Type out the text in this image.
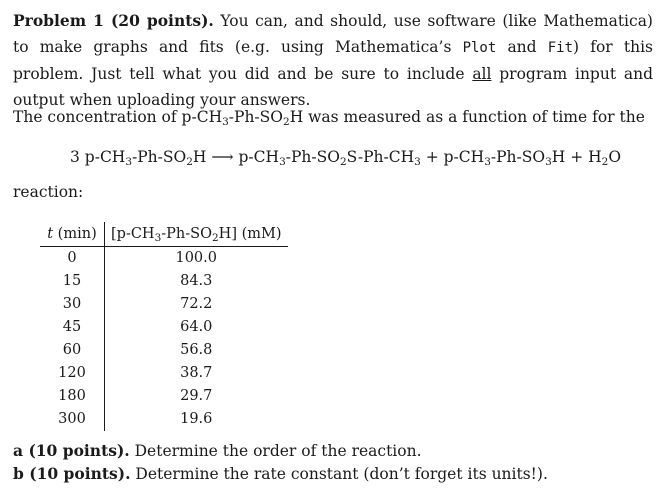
Problem 1 (20 points). You can, and should, use software (like Mathematica) to make graphs and fits (e.g. using Mathematica’s Plot and Fit) for this problem. Just tell what you did and be sure to include all program input and output when uploading your answers.
The concentration of $p-CH_3-Ph-SO_2H$ was measured as a function of time for the
3 $p-CH_3-Ph-SO_2H$ ⟶ $p-CH_3-Ph-SO_2S-Ph-CH_3 + p-CH_3-Ph-SO_3H + H_2O$
reaction:
t (min)	$[p-CH_3-Ph-SO_2H]$ (mM)
0	100.0
15	84.3
30	72.2
45	64.0
60	56.8
120	38.7
180	29.7
300	19.6
a (10 points). Determine the order of the reaction.
b (10 points). Determine the rate constant (don’t forget its units!).
